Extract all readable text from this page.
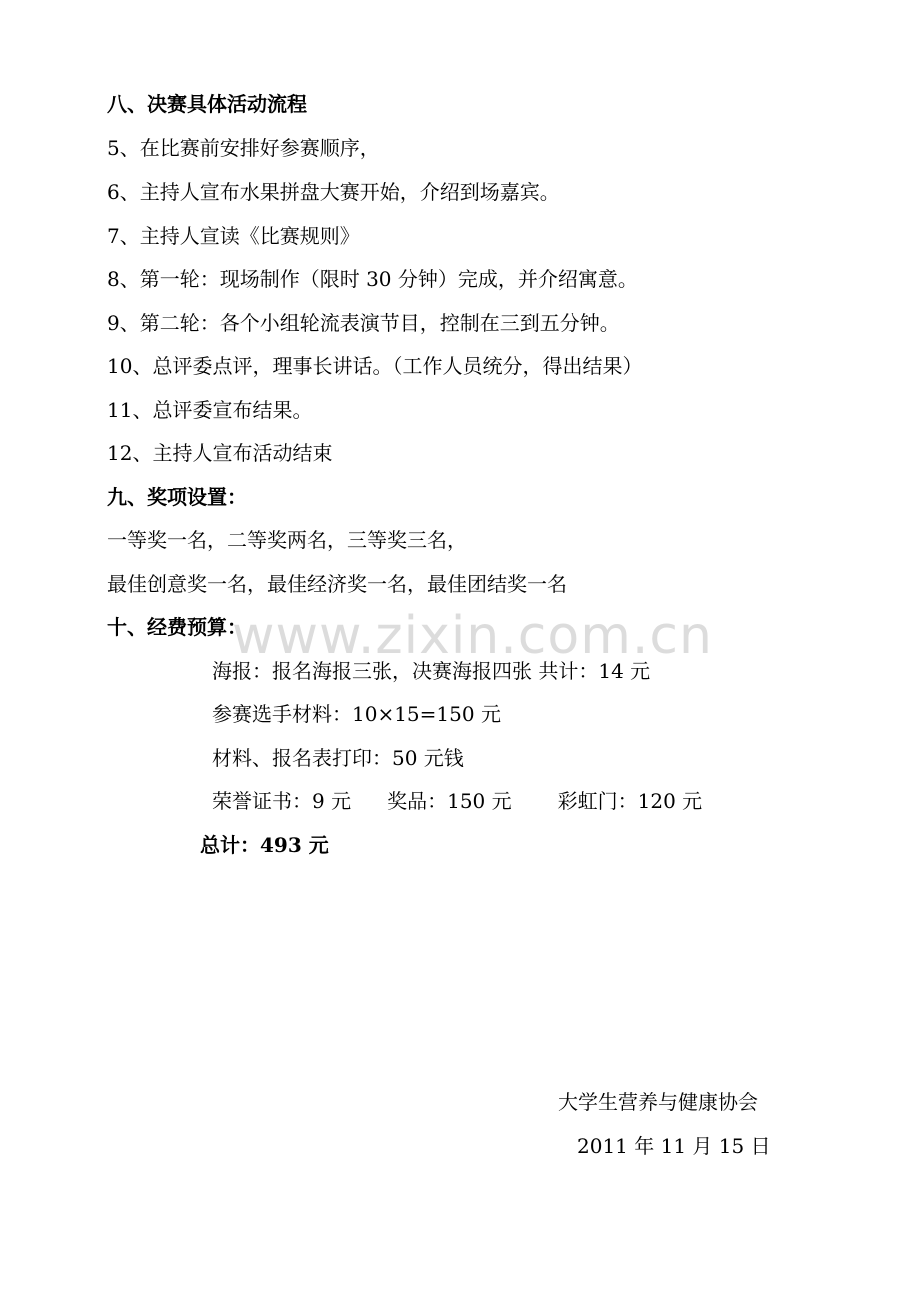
www.zixin.com.cn
八、决赛具体活动流程
5、在比赛前安排好参赛顺序，
6、主持人宣布水果拼盘大赛开始，介绍到场嘉宾。
7、主持人宣读《比赛规则》
8、第一轮：现场制作（限时 30 分钟）完成，并介绍寓意。
9、第二轮：各个小组轮流表演节目，控制在三到五分钟。
10、总评委点评，理事长讲话。（工作人员统分，得出结果）
11、总评委宣布结果。
12、主持人宣布活动结束
九、奖项设置：
一等奖一名，二等奖两名，三等奖三名，
最佳创意奖一名，最佳经济奖一名，最佳团结奖一名
十、经费预算：
海报：报名海报三张，决赛海报四张 共计：14 元
参赛选手材料：10×15=150 元
材料、报名表打印：50 元钱
荣誉证书：9 元 奖品：150 元 彩虹门：120 元
总计：493 元
大学生营养与健康协会
2011 年 11 月 15 日
